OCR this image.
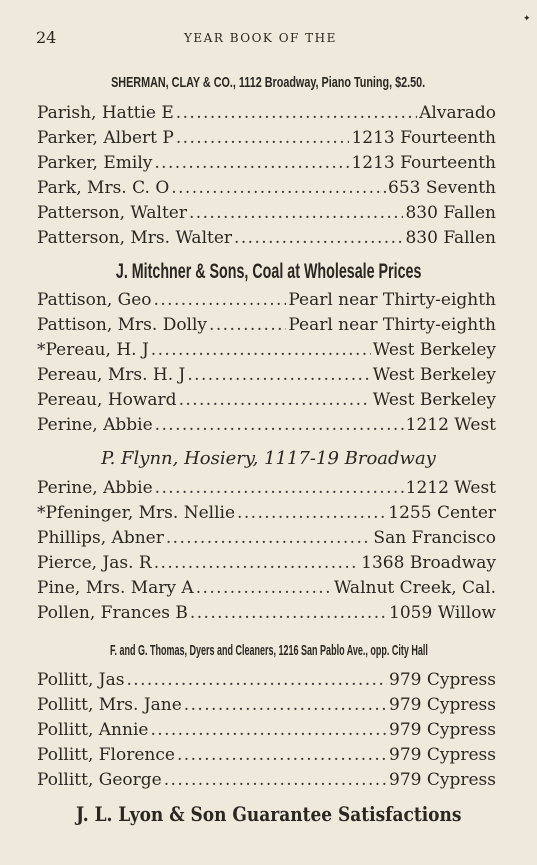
24	YEAR BOOK OF THE
✦
SHERMAN, CLAY & CO., 1112 Broadway, Piano Tuning, $2.50.
Parish, Hattie E . . .	Alvarado
Parker, Albert P . . .	1213 Fourteenth
Parker, Emily . . .	1213 Fourteenth
Park, Mrs. C. O . . .	653 Seventh
Patterson, Walter . . .	830 Fallen
Patterson, Mrs. Walter . . .	830 Fallen
J. Mitchner & Sons, Coal at Wholesale Prices
Pattison, Geo . . .	Pearl near Thirty-eighth
Pattison, Mrs. Dolly . . .	Pearl near Thirty-eighth
*Pereau, H. J . . .	West Berkeley
Pereau, Mrs. H. J . . .	West Berkeley
Pereau, Howard . . .	West Berkeley
Perine, Abbie . . .	1212 West
P. Flynn, Hosiery, 1117-19 Broadway
Perine, Abbie . . .	1212 West
*Pfeninger, Mrs. Nellie . . .	1255 Center
Phillips, Abner . . .	San Francisco
Pierce, Jas. R . . .	1368 Broadway
Pine, Mrs. Mary A . . .	Walnut Creek, Cal.
Pollen, Frances B . . .	1059 Willow
F. and G. Thomas, Dyers and Cleaners, 1216 San Pablo Ave., opp. City Hall
Pollitt, Jas . . .	979 Cypress
Pollitt, Mrs. Jane . . .	979 Cypress
Pollitt, Annie . . .	979 Cypress
Pollitt, Florence . . .	979 Cypress
Pollitt, George . . .	979 Cypress
J. L. Lyon & Son Guarantee Satisfactions
